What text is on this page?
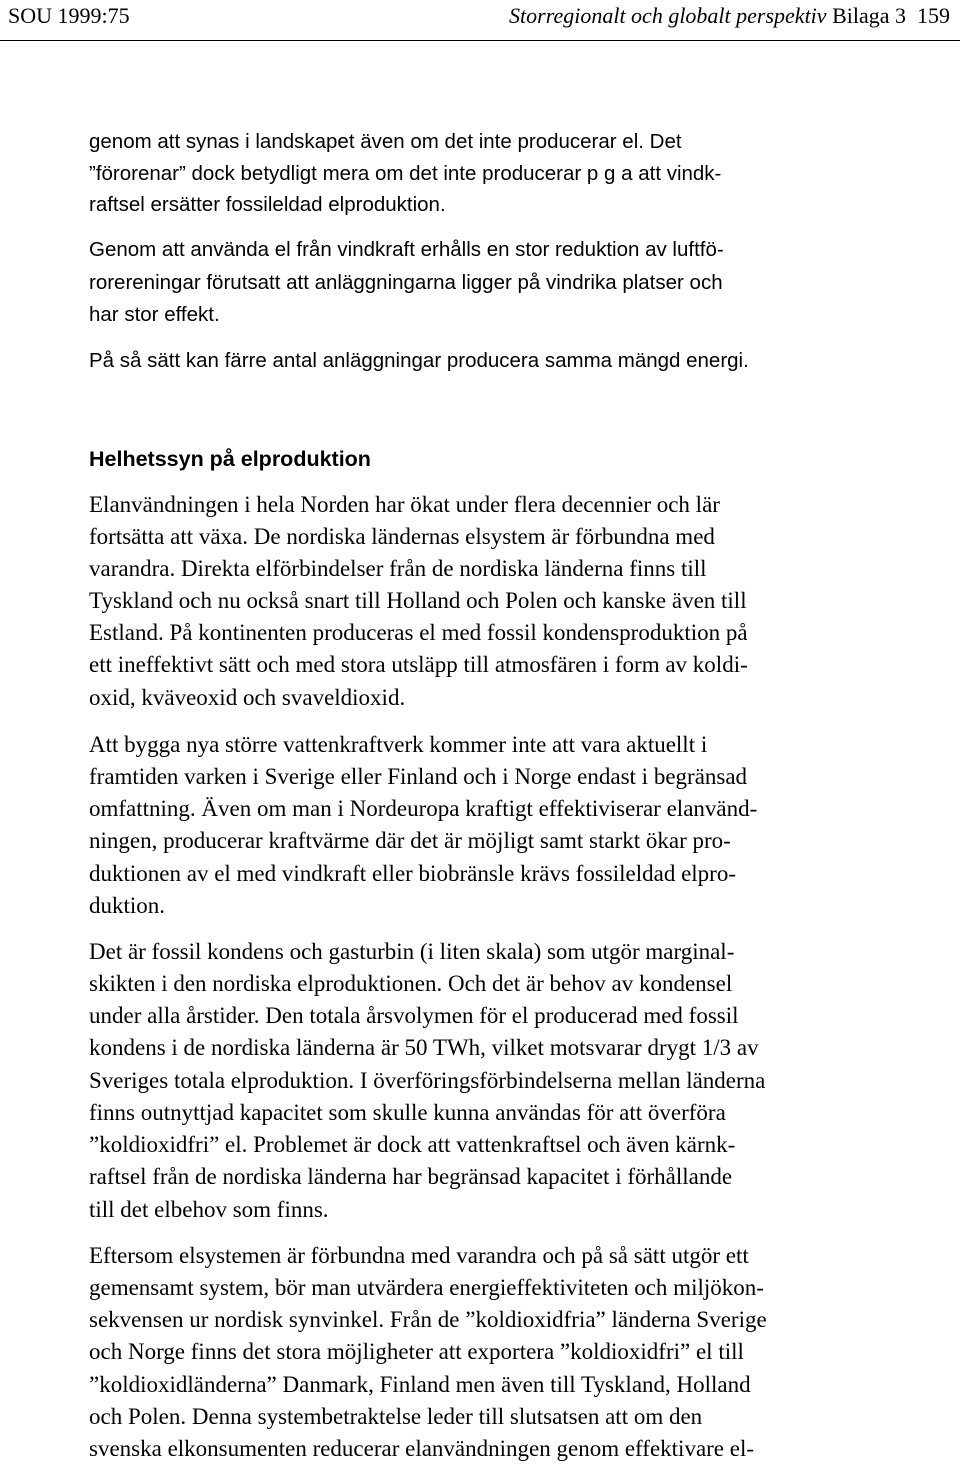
SOU 1999:75	Storregionalt och globalt perspektiv Bilaga 3 159
genom att synas i landskapet även om det inte producerar el. Det
”förorenar” dock betydligt mera om det inte producerar p g a att vindk-
raftsel ersätter fossileldad elproduktion.
Genom att använda el från vindkraft erhålls en stor reduktion av luftfö-
rorereningar förutsatt att anläggningarna ligger på vindrika platser och
har stor effekt.
På så sätt kan färre antal anläggningar producera samma mängd energi.
Helhetssyn på elproduktion
Elanvändningen i hela Norden har ökat under flera decennier och lär
fortsätta att växa. De nordiska ländernas elsystem är förbundna med
varandra. Direkta elförbindelser från de nordiska länderna finns till
Tyskland och nu också snart till Holland och Polen och kanske även till
Estland. På kontinenten produceras el med fossil kondensproduktion på
ett ineffektivt sätt och med stora utsläpp till atmosfären i form av koldi-
oxid, kväveoxid och svaveldioxid.
Att bygga nya större vattenkraftverk kommer inte att vara aktuellt i
framtiden varken i Sverige eller Finland och i Norge endast i begränsad
omfattning. Även om man i Nordeuropa kraftigt effektiviserar elanvänd-
ningen, producerar kraftvärme där det är möjligt samt starkt ökar pro-
duktionen av el med vindkraft eller biobränsle krävs fossileldad elpro-
duktion.
Det är fossil kondens och gasturbin (i liten skala) som utgör marginal-
skikten i den nordiska elproduktionen. Och det är behov av kondensel
under alla årstider. Den totala årsvolymen för el producerad med fossil
kondens i de nordiska länderna är 50 TWh, vilket motsvarar drygt 1/3 av
Sveriges totala elproduktion. I överföringsförbindelserna mellan länderna
finns outnyttjad kapacitet som skulle kunna användas för att överföra
”koldioxidfri” el. Problemet är dock att vattenkraftsel och även kärnk-
raftsel från de nordiska länderna har begränsad kapacitet i förhållande
till det elbehov som finns.
Eftersom elsystemen är förbundna med varandra och på så sätt utgör ett
gemensamt system, bör man utvärdera energieffektiviteten och miljökon-
sekvensen ur nordisk synvinkel. Från de ”koldioxidfria” länderna Sverige
och Norge finns det stora möjligheter att exportera ”koldioxidfri” el till
”koldioxidländerna” Danmark, Finland men även till Tyskland, Holland
och Polen. Denna systembetraktelse leder till slutsatsen att om den
svenska elkonsumenten reducerar elanvändningen genom effektivare el-
